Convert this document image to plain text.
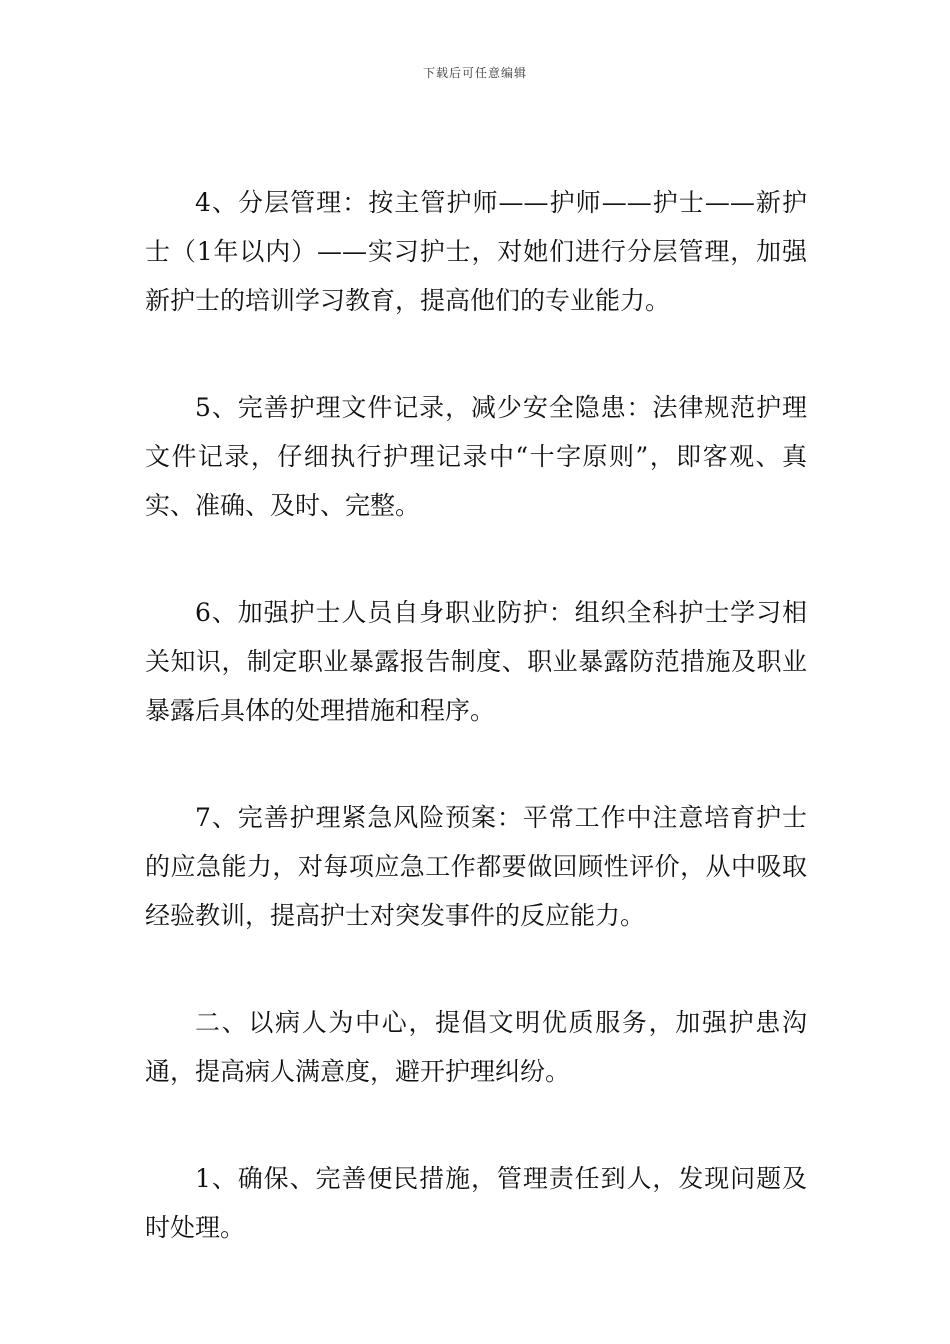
下载后可任意编辑

4、分层管理：按主管护师——护师——护士——新护士（1年以内）——实习护士，对她们进行分层管理，加强新护士的培训学习教育，提高他们的专业能力。

5、完善护理文件记录，减少安全隐患：法律规范护理文件记录，仔细执行护理记录中“十字原则”，即客观、真实、准确、及时、完整。

6、加强护士人员自身职业防护：组织全科护士学习相关知识，制定职业暴露报告制度、职业暴露防范措施及职业暴露后具体的处理措施和程序。

7、完善护理紧急风险预案：平常工作中注意培育护士的应急能力，对每项应急工作都要做回顾性评价，从中吸取经验教训，提高护士对突发事件的反应能力。

二、以病人为中心，提倡文明优质服务，加强护患沟通，提高病人满意度，避开护理纠纷。

1、确保、完善便民措施，管理责任到人，发现问题及时处理。
